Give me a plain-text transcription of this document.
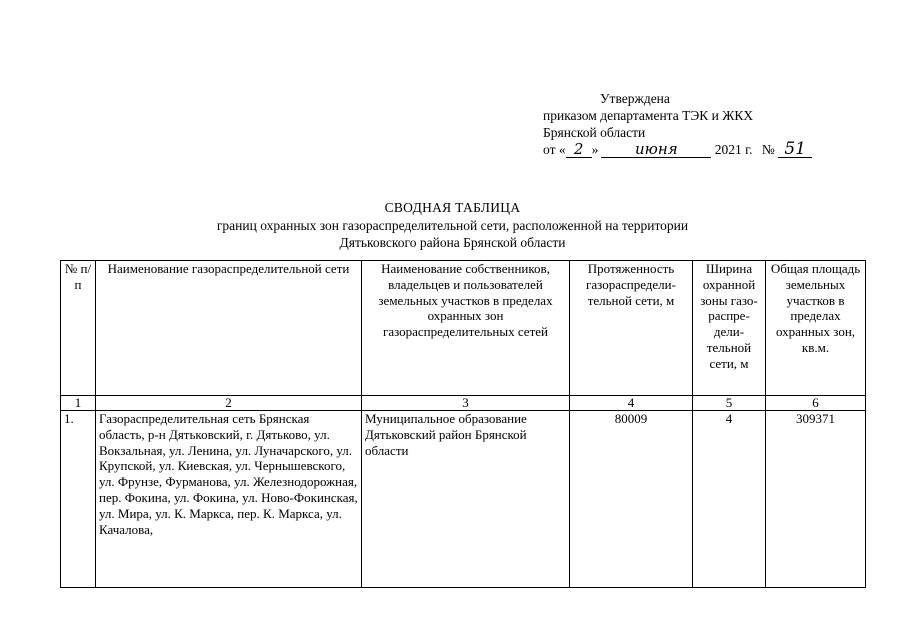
Утверждена
приказом департамента ТЭК и ЖКХ
Брянской области
от « 2 » июня	2021 г. № 51
СВОДНАЯ ТАБЛИЦА
границ охранных зон газораспределительной сети, расположенной на территории
Дятьковского района Брянской области
№ п/п	Наименование газораспределительной сети	Наименование собственников, владельцев и пользователей земельных участков в пределах охранных зон газораспределительных сетей	Протяженность газораспредели-тельной сети, м	Ширина охранной зоны газо-распре-дели-тельной сети, м	Общая площадь земельных участков в пределах охранных зон, кв.м.
1	2	3	4	5	6
1.	Газораспределительная сеть Брянская область, р-н Дятьковский, г. Дятьково, ул. Вокзальная, ул. Ленина, ул. Луначарского, ул. Крупской, ул. Киевская, ул. Чернышевского, ул. Фрунзе, Фурманова, ул. Железнодорожная, пер. Фокина, ул. Фокина, ул. Ново-Фокинская, ул. Мира, ул. К. Маркса, пер. К. Маркса, ул. Качалова,	Муниципальное образование Дятьковский район Брянской области	80009	4	309371
